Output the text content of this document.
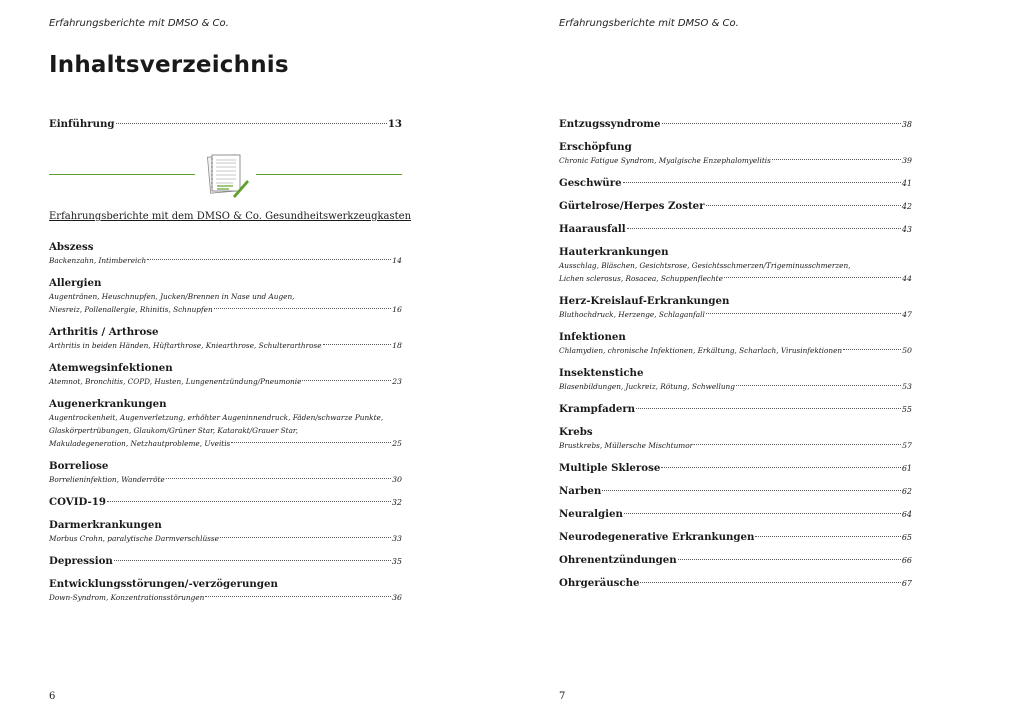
Erfahrungsberichte mit DMSO & Co.
Inhaltsverzeichnis
Einführung	13
Erfahrungsberichte mit dem DMSO & Co. Gesundheitswerkzeugkasten
Abszess
Backenzahn, Intimbereich	14
Allergien
Augentränen, Heuschnupfen, Jucken/Brennen in Nase und Augen,
Niesreiz, Pollenallergie, Rhinitis, Schnupfen	16
Arthritis / Arthrose
Arthritis in beiden Händen, Hüftarthrose, Kniearthrose, Schulterarthrose	18
Atemwegsinfektionen
Atemnot, Bronchitis, COPD, Husten, Lungenentzündung/Pneumonie	23
Augenerkrankungen
Augentrockenheit, Augenverletzung, erhöhter Augeninnendruck, Fäden/schwarze Punkte,
Glaskörpertrübungen, Glaukom/Grüner Star, Katarakt/Grauer Star,
Makuladegeneration, Netzhautprobleme, Uveitis	25
Borreliose
Borrelieninfektion, Wanderröte	30
COVID-19	32
Darmerkrankungen
Morbus Crohn, paralytische Darmverschlüsse	33
Depression	35
Entwicklungsstörungen/-verzögerungen
Down-Syndrom, Konzentrationsstörungen	36
6
Erfahrungsberichte mit DMSO & Co.
Entzugssyndrome	38
Erschöpfung
Chronic Fatigue Syndrom, Myalgische Enzephalomyelitis	39
Geschwüre	41
Gürtelrose/Herpes Zoster	42
Haarausfall	43
Hauterkrankungen
Ausschlag, Bläschen, Gesichtsrose, Gesichtsschmerzen/Trigeminusschmerzen,
Lichen sclerosus, Rosacea, Schuppenflechte	44
Herz-Kreislauf-Erkrankungen
Bluthochdruck, Herzenge, Schlaganfall	47
Infektionen
Chlamydien, chronische Infektionen, Erkältung, Scharlach, Virusinfektionen	50
Insektenstiche
Blasenbildungen, Juckreiz, Rötung, Schwellung	53
Krampfadern	55
Krebs
Brustkrebs, Müllersche Mischtumor	57
Multiple Sklerose	61
Narben	62
Neuralgien	64
Neurodegenerative Erkrankungen	65
Ohrenentzündungen	66
Ohrgeräusche	67
7
